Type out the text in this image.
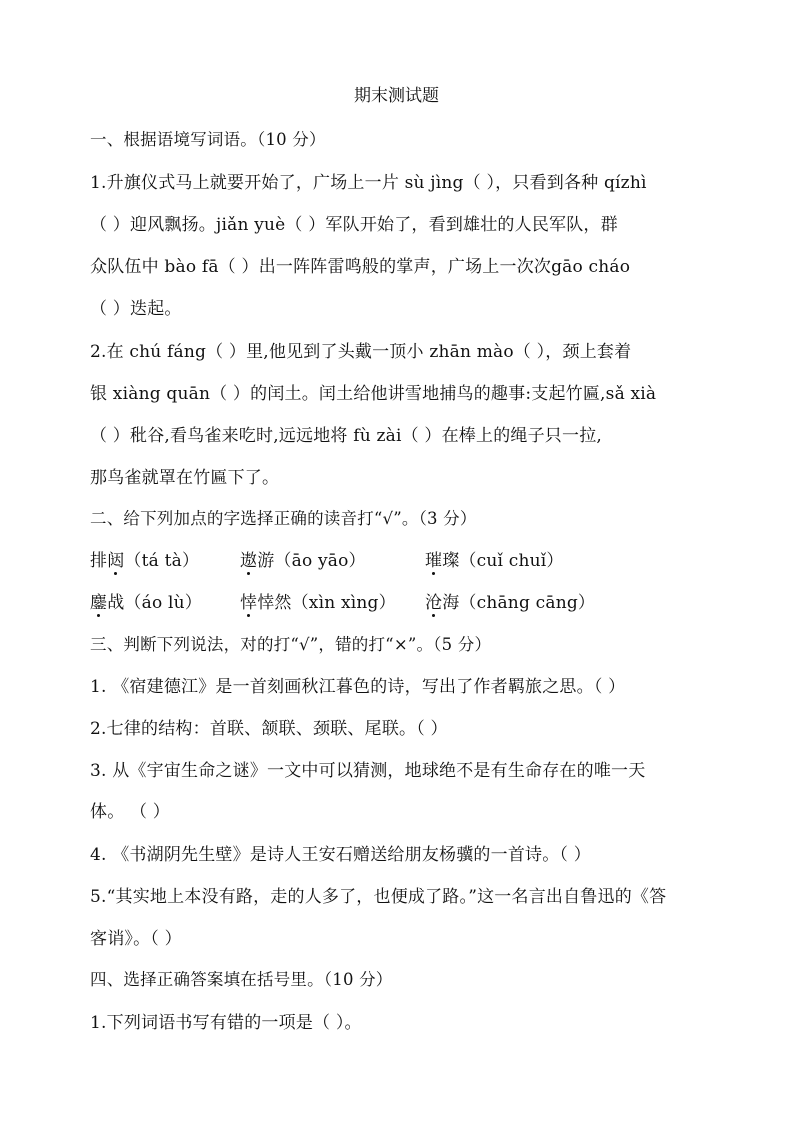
期末测试题
一、根据语境写词语。（10 分）
1.升旗仪式马上就要开始了，广场上一片 sù jìng（ ），只看到各种 qízhì
（ ）迎风飘扬。jiǎn yuè（ ）军队开始了，看到雄壮的人民军队，群
众队伍中 bào fā（ ）出一阵阵雷鸣般的掌声，广场上一次次gāo cháo
（ ）迭起。
2.在 chú fáng（ ）里,他见到了头戴一顶小 zhān mào（ ），颈上套着
银 xiàng quān（ ）的闰土。闰土给他讲雪地捕鸟的趣事:支起竹匾,sǎ xià
（ ）秕谷,看鸟雀来吃时,远远地将 fù zài（ ）在棒上的绳子只一拉,
那鸟雀就罩在竹匾下了。
二、给下列加点的字选择正确的读音打“√”。（3 分）
排闼（tá tà） 遨游（āo yāo）	璀璨（cuǐ chuǐ）
鏖战（áo lù） 悻悻然（xìn xìng） 沧海（chāng cāng）
三、判断下列说法，对的打“√”，错的打“×”。（5 分）
1. 《宿建德江》是一首刻画秋江暮色的诗，写出了作者羁旅之思。（ ）
2.七律的结构：首联、颔联、颈联、尾联。（ ）
3. 从《宇宙生命之谜》一文中可以猜测，地球绝不是有生命存在的唯一天
体。 （ ）
4. 《书湖阴先生壁》是诗人王安石赠送给朋友杨骥的一首诗。（ ）
5.“其实地上本没有路，走的人多了，也便成了路。”这一名言出自鲁迅的《答
客诮》。（ ）
四、选择正确答案填在括号里。（10 分）
1.下列词语书写有错的一项是（ ）。
